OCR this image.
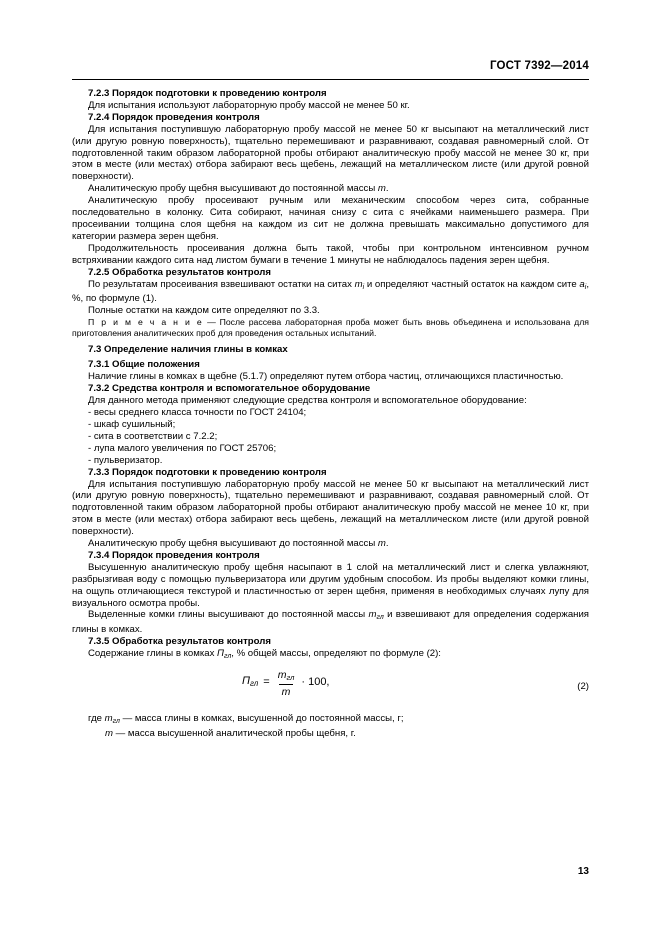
ГОСТ 7392—2014
7.2.3 Порядок подготовки к проведению контроля

Для испытания используют лабораторную пробу массой не менее 50 кг.

7.2.4 Порядок проведения контроля

Для испытания поступившую лабораторную пробу массой не менее 50 кг высыпают на металлический лист (или другую ровную поверхность), тщательно перемешивают и разравнивают, создавая равномерный слой. От подготовленной таким образом лабораторной пробы отбирают аналитическую пробу массой не менее 30 кг, при этом в месте (или местах) отбора забирают весь щебень, лежащий на металлическом листе (или другой ровной поверхности).

Аналитическую пробу щебня высушивают до постоянной массы m.

Аналитическую пробу просеивают ручным или механическим способом через сита, собранные последовательно в колонку. Сита собирают, начиная снизу с сита с ячейками наименьшего размера. При просеивании толщина слоя щебня на каждом из сит не должна превышать максимально допустимого для категории размера зерен щебня.

Продолжительность просеивания должна быть такой, чтобы при контрольном интенсивном ручном встряхивании каждого сита над листом бумаги в течение 1 минуты не наблюдалось падения зерен щебня.

7.2.5 Обработка результатов контроля

По результатам просеивания взвешивают остатки на ситах $m_i$ и определяют частный остаток на каждом сите $a_i$, %, по формуле (1).

Полные остатки на каждом сите определяют по 3.3.

П р и м е ч а н и е — После рассева лабораторная проба может быть вновь объединена и использована для приготовления аналитических проб для проведения остальных испытаний.

7.3 Определение наличия глины в комках
7.3.1 Общие положения

Наличие глины в комках в щебне (5.1.7) определяют путем отбора частиц, отличающихся пластичностью.

7.3.2 Средства контроля и вспомогательное оборудование

Для данного метода применяют следующие средства контроля и вспомогательное оборудование:

- весы среднего класса точности по ГОСТ 24104;

- шкаф сушильный;

- сита в соответствии с 7.2.2;

- лупа малого увеличения по ГОСТ 25706;

- пульверизатор.

7.3.3 Порядок подготовки к проведению контроля

Для испытания поступившую лабораторную пробу массой не менее 50 кг высыпают на металлический лист (или другую ровную поверхность), тщательно перемешивают и разравнивают, создавая равномерный слой. От подготовленной таким образом лабораторной пробы отбирают аналитическую пробу массой не менее 10 кг, при этом в месте (или местах) отбора забирают весь щебень, лежащий на металлическом листе (или другой ровной поверхности).

Аналитическую пробу щебня высушивают до постоянной массы m.

7.3.4 Порядок проведения контроля

Высушенную аналитическую пробу щебня насыпают в 1 слой на металлический лист и слегка увлажняют, разбрызгивая воду с помощью пульверизатора или другим удобным способом. Из пробы выделяют комки глины, на ощупь отличающиеся текстурой и пластичностью от зерен щебня, применяя в необходимых случаях лупу для визуального осмотра пробы.

Выделенные комки глины высушивают до постоянной массы $m_{гл}$ и взвешивают для определения содержания глины в комках.

7.3.5 Обработка результатов контроля

Содержание глины в комках $П_{гл}$, % общей массы, определяют по формуле (2):

$П_{гл} = \frac{m_{гл}}{m} \cdot 100$,	(2)

где $m_{гл}$ — масса глины в комках, высушенной до постоянной массы, г;

m — масса высушенной аналитической пробы щебня, г.

13
